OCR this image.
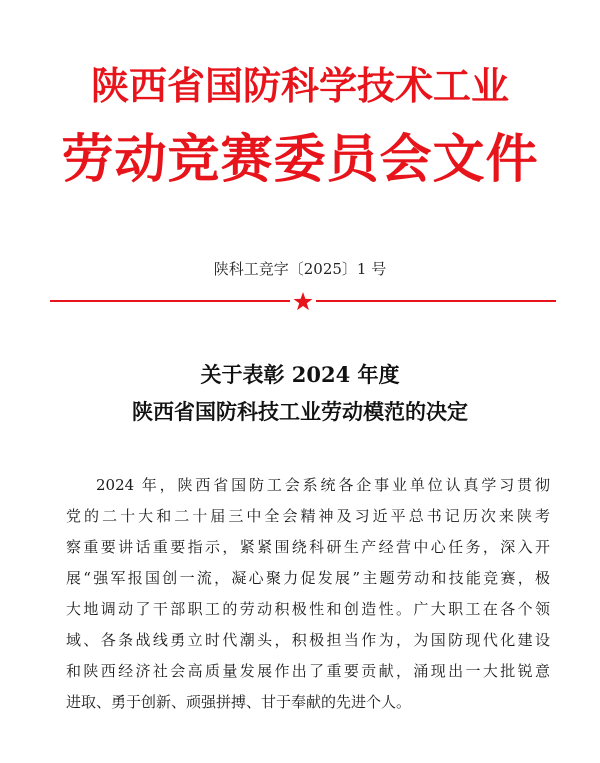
陕西省国防科学技术工业
劳动竞赛委员会文件
陕科工竞字〔2025〕1 号
关于表彰 2024 年度
陕西省国防科技工业劳动模范的决定
2024 年，陕西省国防工会系统各企事业单位认真学习贯彻
党的二十大和二十届三中全会精神及习近平总书记历次来陕考
察重要讲话重要指示，紧紧围绕科研生产经营中心任务，深入开
展“强军报国创一流，凝心聚力促发展”主题劳动和技能竞赛，极
大地调动了干部职工的劳动积极性和创造性。广大职工在各个领
域、各条战线勇立时代潮头，积极担当作为，为国防现代化建设
和陕西经济社会高质量发展作出了重要贡献，涌现出一大批锐意
进取、勇于创新、顽强拼搏、甘于奉献的先进个人。
